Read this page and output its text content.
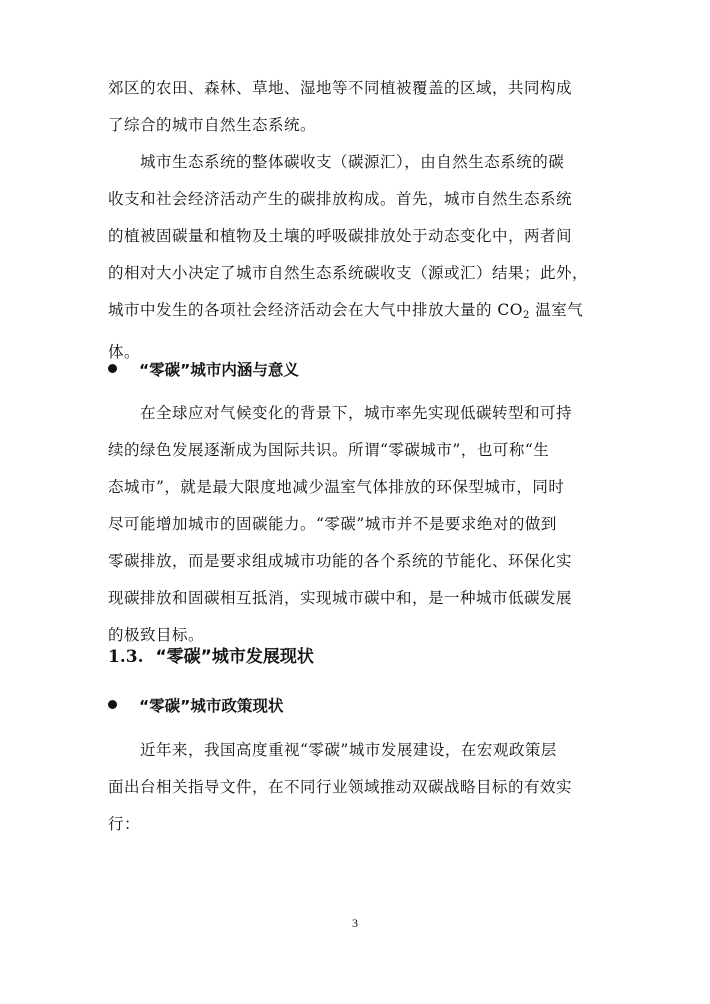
郊区的农田、森林、草地、湿地等不同植被覆盖的区域，共同构成
了综合的城市自然生态系统。

城市生态系统的整体碳收支（碳源汇），由自然生态系统的碳
收支和社会经济活动产生的碳排放构成。首先，城市自然生态系统
的植被固碳量和植物及土壤的呼吸碳排放处于动态变化中，两者间
的相对大小决定了城市自然生态系统碳收支（源或汇）结果；此外，
城市中发生的各项社会经济活动会在大气中排放大量的 $CO_2$ 温室气
体。

“零碳”城市内涵与意义

在全球应对气候变化的背景下，城市率先实现低碳转型和可持
续的绿色发展逐渐成为国际共识。所谓“零碳城市”，也可称“生
态城市”，就是最大限度地减少温室气体排放的环保型城市，同时
尽可能增加城市的固碳能力。“零碳”城市并不是要求绝对的做到
零碳排放，而是要求组成城市功能的各个系统的节能化、环保化实
现碳排放和固碳相互抵消，实现城市碳中和，是一种城市低碳发展
的极致目标。

1.3. “零碳”城市发展现状
“零碳”城市政策现状

近年来，我国高度重视“零碳”城市发展建设，在宏观政策层
面出台相关指导文件，在不同行业领域推动双碳战略目标的有效实
行：

3
